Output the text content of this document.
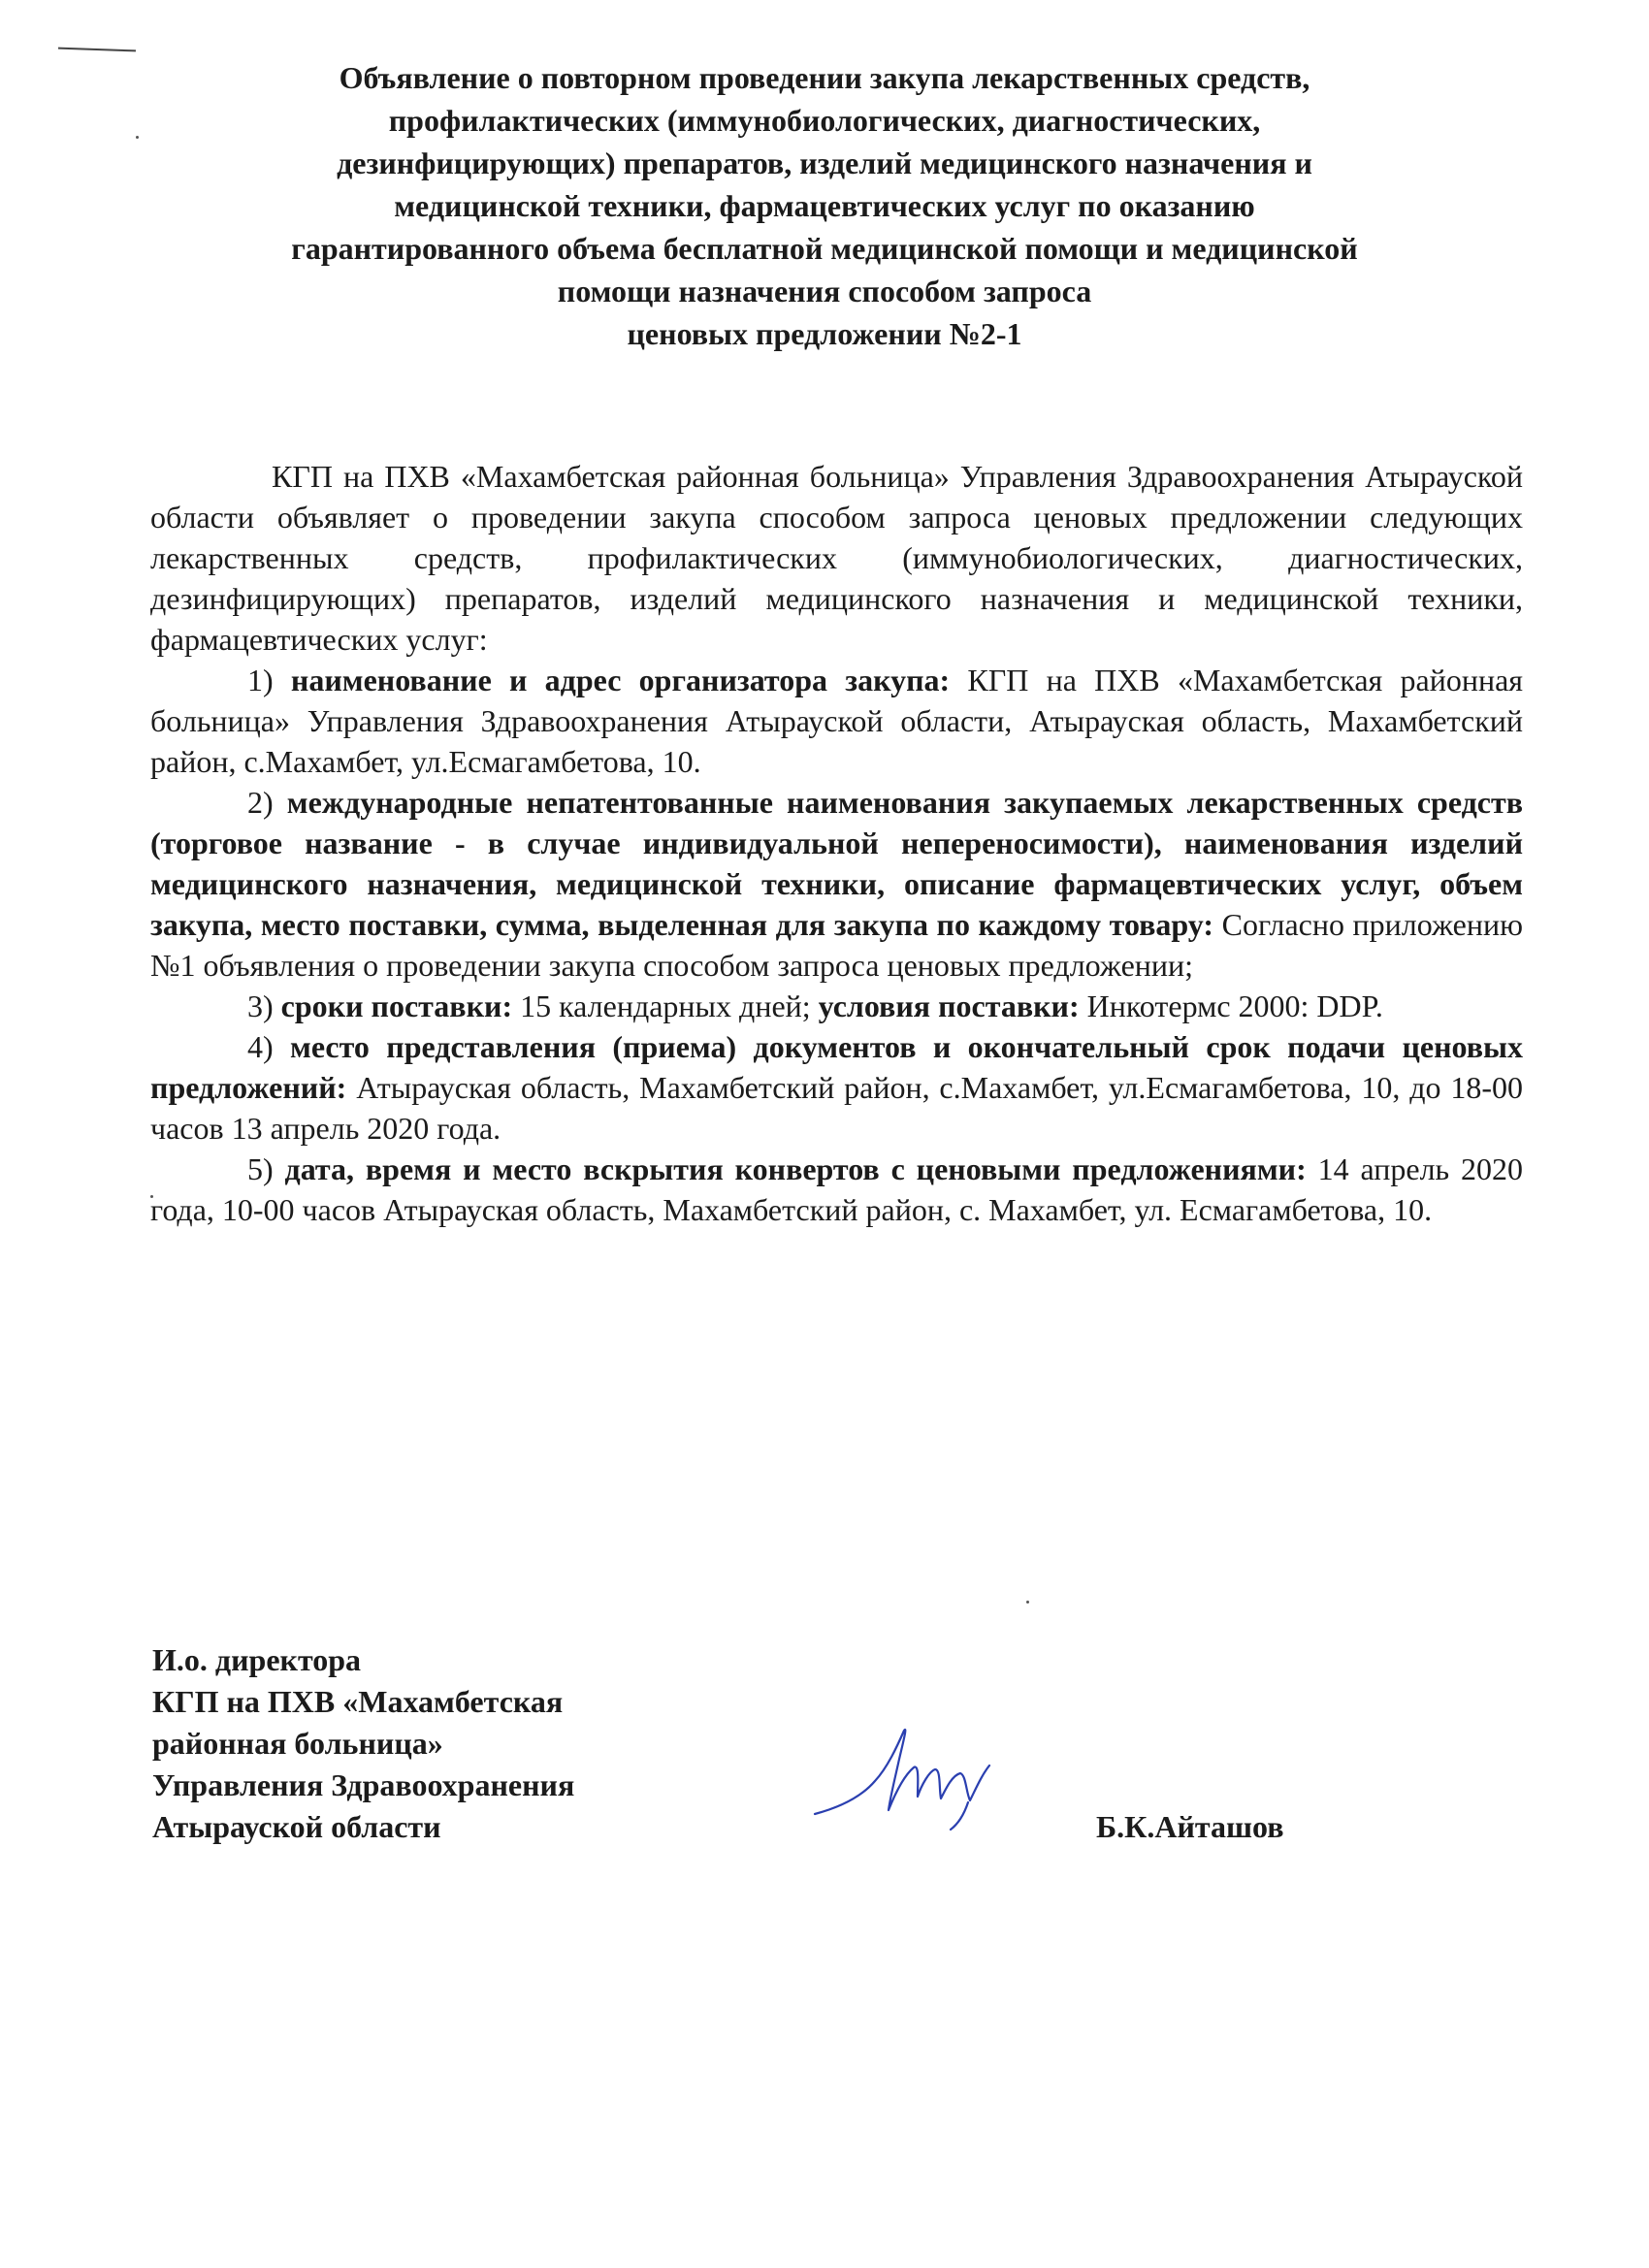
Объявление о повторном проведении закупа лекарственных средств,
профилактических (иммунобиологических, диагностических,
дезинфицирующих) препаратов, изделий медицинского назначения и
медицинской техники, фармацевтических услуг по оказанию
гарантированного объема бесплатной медицинской помощи и медицинской
помощи назначения способом запроса
ценовых предложении №2-1

КГП на ПХВ «Махамбетская районная больница» Управления Здравоохранения Атырауской области объявляет о проведении закупа способом запроса ценовых предложении следующих лекарственных средств, профилактических (иммунобиологических, диагностических, дезинфицирующих) препаратов, изделий медицинского назначения и медицинской техники, фармацевтических услуг:

1) наименование и адрес организатора закупа: КГП на ПХВ «Махамбетская районная больница» Управления Здравоохранения Атырауской области, Атырауская область, Махамбетский район, с.Махамбет, ул.Есмагамбетова, 10.

2) международные непатентованные наименования закупаемых лекарственных средств (торговое название - в случае индивидуальной непереносимости), наименования изделий медицинского назначения, медицинской техники, описание фармацевтических услуг, объем закупа, место поставки, сумма, выделенная для закупа по каждому товару: Согласно приложению №1 объявления о проведении закупа способом запроса ценовых предложении;

3) сроки поставки: 15 календарных дней; условия поставки: Инкотермс 2000: DDP.

4) место представления (приема) документов и окончательный срок подачи ценовых предложений: Атырауская область, Махамбетский район, с.Махамбет, ул.Есмагамбетова, 10, до 18-00 часов 13 апрель 2020 года.

5) дата, время и место вскрытия конвертов с ценовыми предложениями: 14 апрель 2020 года, 10-00 часов Атырауская область, Махамбетский район, с. Махамбет, ул. Есмагамбетова, 10.

И.о. директора
КГП на ПХВ «Махамбетская
районная больница»
Управления Здравоохранения
Атырауской области	Б.К.Айташов
